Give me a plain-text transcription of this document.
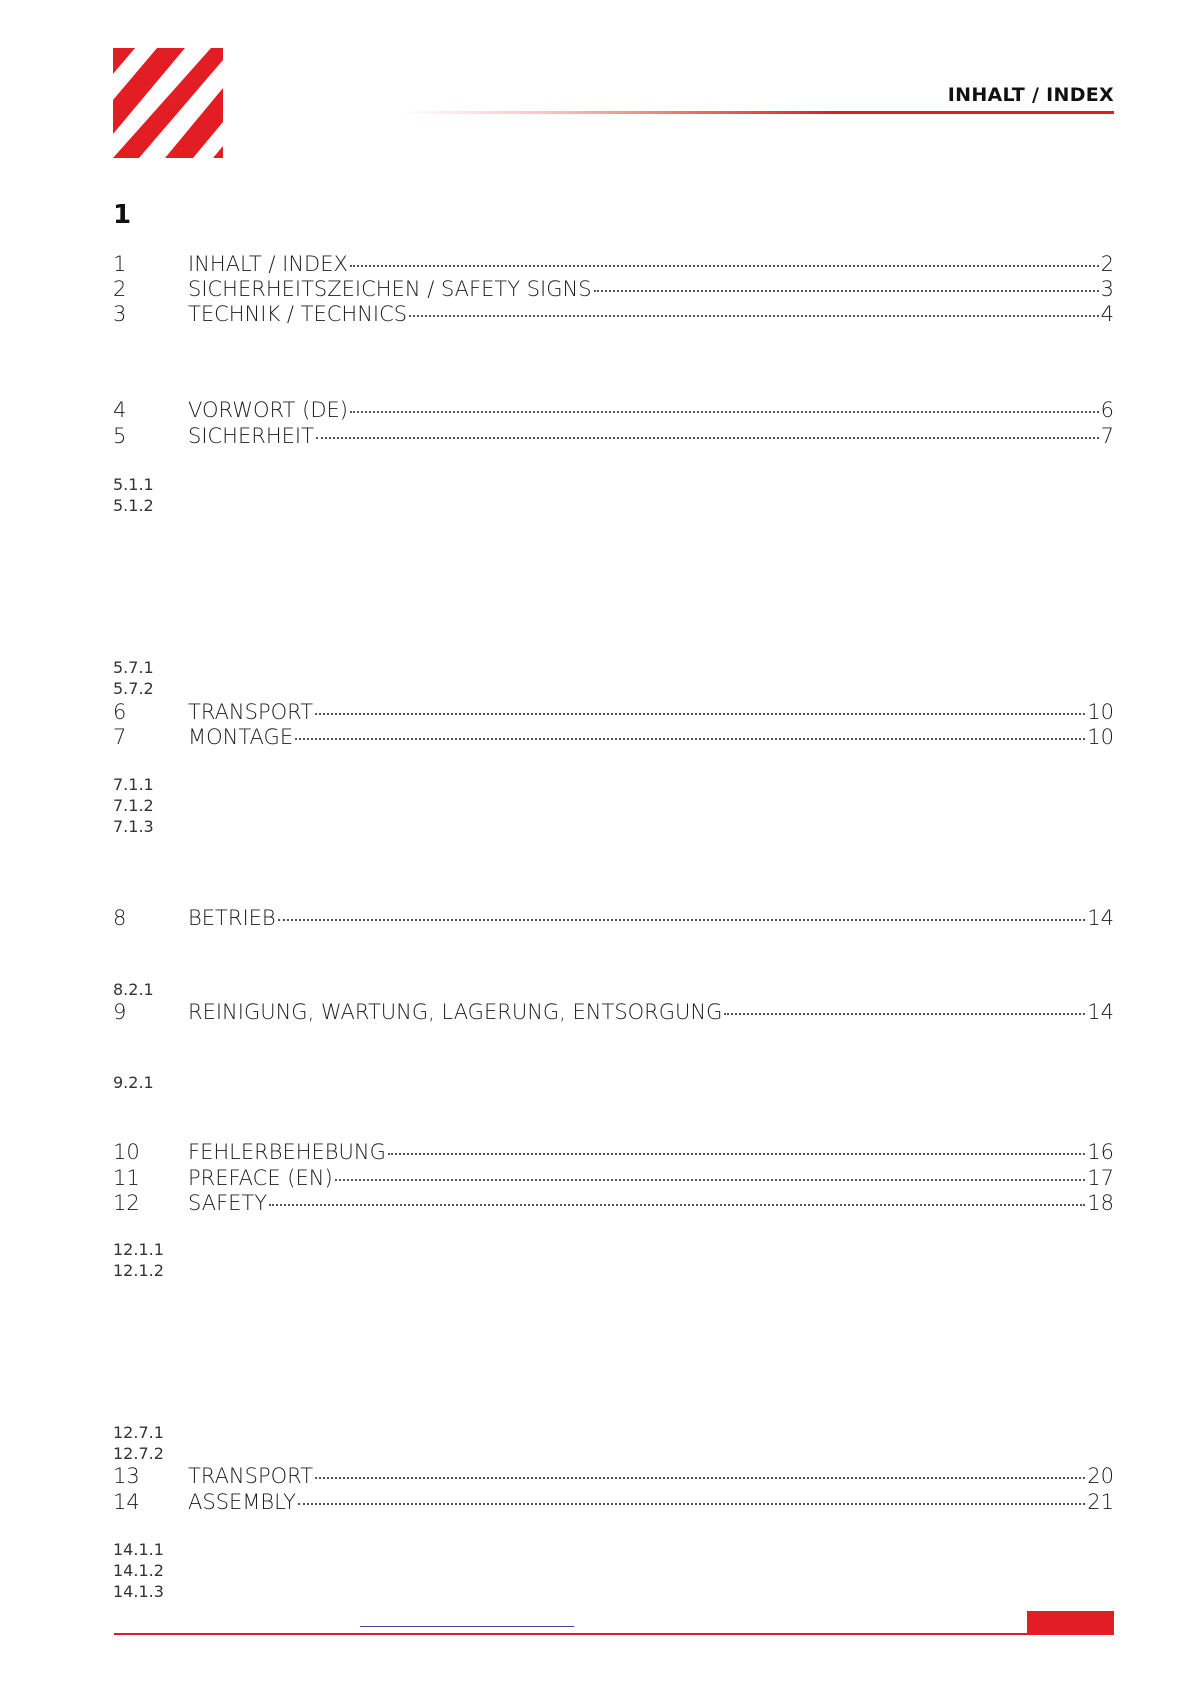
INHALT / INDEX
1
1	INHALT / INDEX	2
2	SICHERHEITSZEICHEN / SAFETY SIGNS	3
3	TECHNIK / TECHNICS	4
4	VORWORT (DE)	6
5	SICHERHEIT	7
5.1.1
5.1.2
5.7.1
5.7.2
6	TRANSPORT	10
7	MONTAGE	10
7.1.1
7.1.2
7.1.3
8	BETRIEB	14
8.2.1
9	REINIGUNG, WARTUNG, LAGERUNG, ENTSORGUNG	14
9.2.1
10	FEHLERBEHEBUNG	16
11	PREFACE (EN)	17
12	SAFETY	18
12.1.1
12.1.2
12.7.1
12.7.2
13	TRANSPORT	20
14	ASSEMBLY	21
14.1.1
14.1.2
14.1.3
